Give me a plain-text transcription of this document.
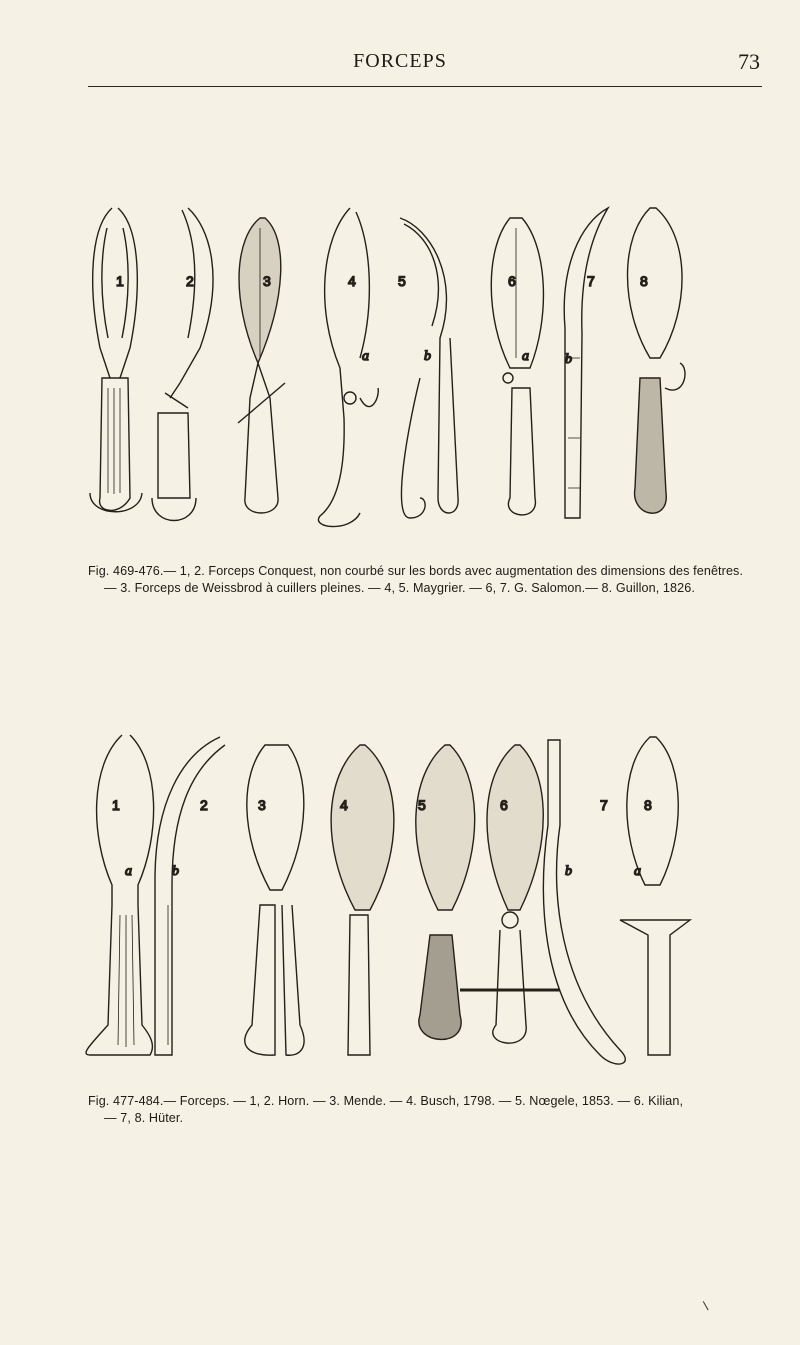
FORCEPS	73
1	2	3	4	5	6	7	8
a	b	a	b
Fig. 469-476.— 1, 2. Forceps Conquest, non courbé sur les bords avec augmentation des dimensions des fenêtres.
— 3. Forceps de Weissbrod à cuillers pleines. — 4, 5. Maygrier. — 6, 7. G. Salomon.— 8. Guillon, 1826.
1	2	3	4	5	6	7	8
a	b	b	a
Fig. 477-484.— Forceps. — 1, 2. Horn. — 3. Mende. — 4. Busch, 1798. — 5. Nœgele, 1853. — 6. Kilian,
— 7, 8. Hüter.
